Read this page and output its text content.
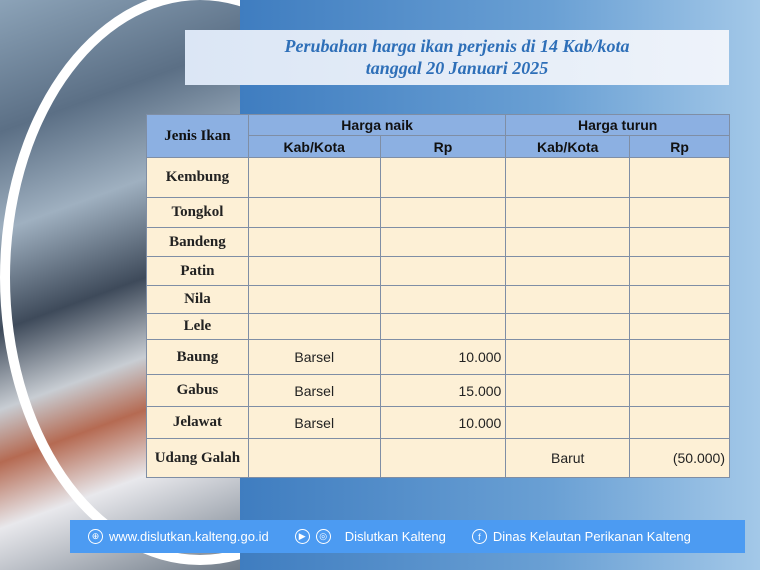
Perubahan harga ikan perjenis di 14 Kab/kota
tanggal 20 Januari 2025
Jenis Ikan	Harga naik		Harga turun	
	Kab/Kota	Rp	Kab/Kota	Rp
Kembung				
Tongkol				
Bandeng				
Patin				
Nila				
Lele				
Baung	Barsel	10.000		
Gabus	Barsel	15.000		
Jelawat	Barsel	10.000		
Udang Galah			Barut	(50.000)
⊕ www.dislutkan.kalteng.go.id	▶	◎ Dislutkan Kalteng	f Dinas Kelautan Perikanan Kalteng
